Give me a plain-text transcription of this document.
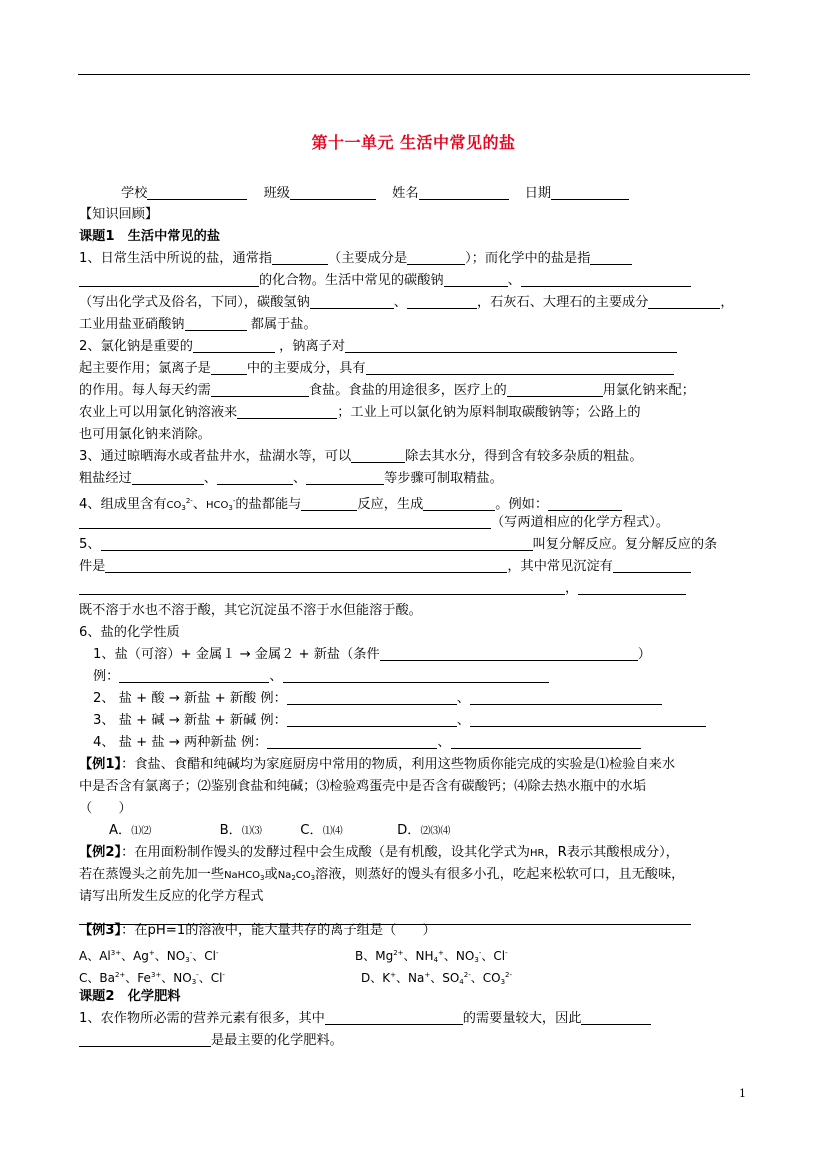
第十一单元 生活中常见的盐
学校	班级	姓名	日期
【知识回顾】
课题1　生活中常见的盐
1、日常生活中所说的盐，通常指	（主要成分是	）；而化学中的盐是指
的化合物。生活中常见的碳酸钠	、
（写出化学式及俗名，下同），碳酸氢钠	、	，石灰石、大理石的主要成分	，
工业用盐亚硝酸钠	都属于盐。
2、氯化钠是重要的	，钠离子对
起主要作用；氯离子是	中的主要成分，具有
的作用。每人每天约需	食盐。食盐的用途很多，医疗上的	用氯化钠来配；
农业上可以用氯化钠溶液来	；工业上可以氯化钠为原料制取碳酸钠等；公路上的
也可用氯化钠来消除。
3、通过晾晒海水或者盐井水，盐湖水等，可以	除去其水分，得到含有较多杂质的粗盐。
粗盐经过	、	、	等步骤可制取精盐。
4、组成里含有$CO_3^{2-}$、$HCO_3^-$的盐都能与	反应，生成	。例如：
（写两道相应的化学方程式）。
5、	叫复分解反应。复分解反应的条
件是	，其中常见沉淀有
，
既不溶于水也不溶于酸，其它沉淀虽不溶于水但能溶于酸。
6、盐的化学性质
1、盐（可溶）+ 金属１ → 金属２ + 新盐（条件	）
例：	、
2、 盐 + 酸 → 新盐 + 新酸 例：	、
3、 盐 + 碱 → 新盐 + 新碱 例：	、
4、 盐 + 盐 → 两种新盐 例：	、
【例1】：食盐、食醋和纯碱均为家庭厨房中常用的物质，利用这些物质你能完成的实验是⑴检验自来水
中是否含有氯离子；⑵鉴别食盐和纯碱；⑶检验鸡蛋壳中是否含有碳酸钙；⑷除去热水瓶中的水垢
（　　）
A．⑴⑵	B．⑴⑶	C．⑴⑷	D．⑵⑶⑷
【例2】：在用面粉制作馒头的发酵过程中会生成酸（是有机酸，设其化学式为HR，R表示其酸根成分），
若在蒸馒头之前先加一些NaHCO$_3$或$Na_2CO_3$溶液，则蒸好的馒头有很多小孔，吃起来松软可口，且无酸味，
请写出所发生反应的化学方程式
【例3】：在pH=1的溶液中，能大量共存的离子组是（　　）
A、$Al^{3+}$、Ag+、$NO_3^-$、Cl-	B、$Mg^{2+}$、$NH_4^+$、$NO_3^-$、Cl-
C、$Ba^{2+}$、$Fe^{3+}$、$NO_3^-$、Cl-	D、K+、Na+、$SO_4^{2-}$、$CO_3^{2-}$
课题2　化学肥料
1、农作物所必需的营养元素有很多，其中	的需要量较大，因此
是最主要的化学肥料。
1
